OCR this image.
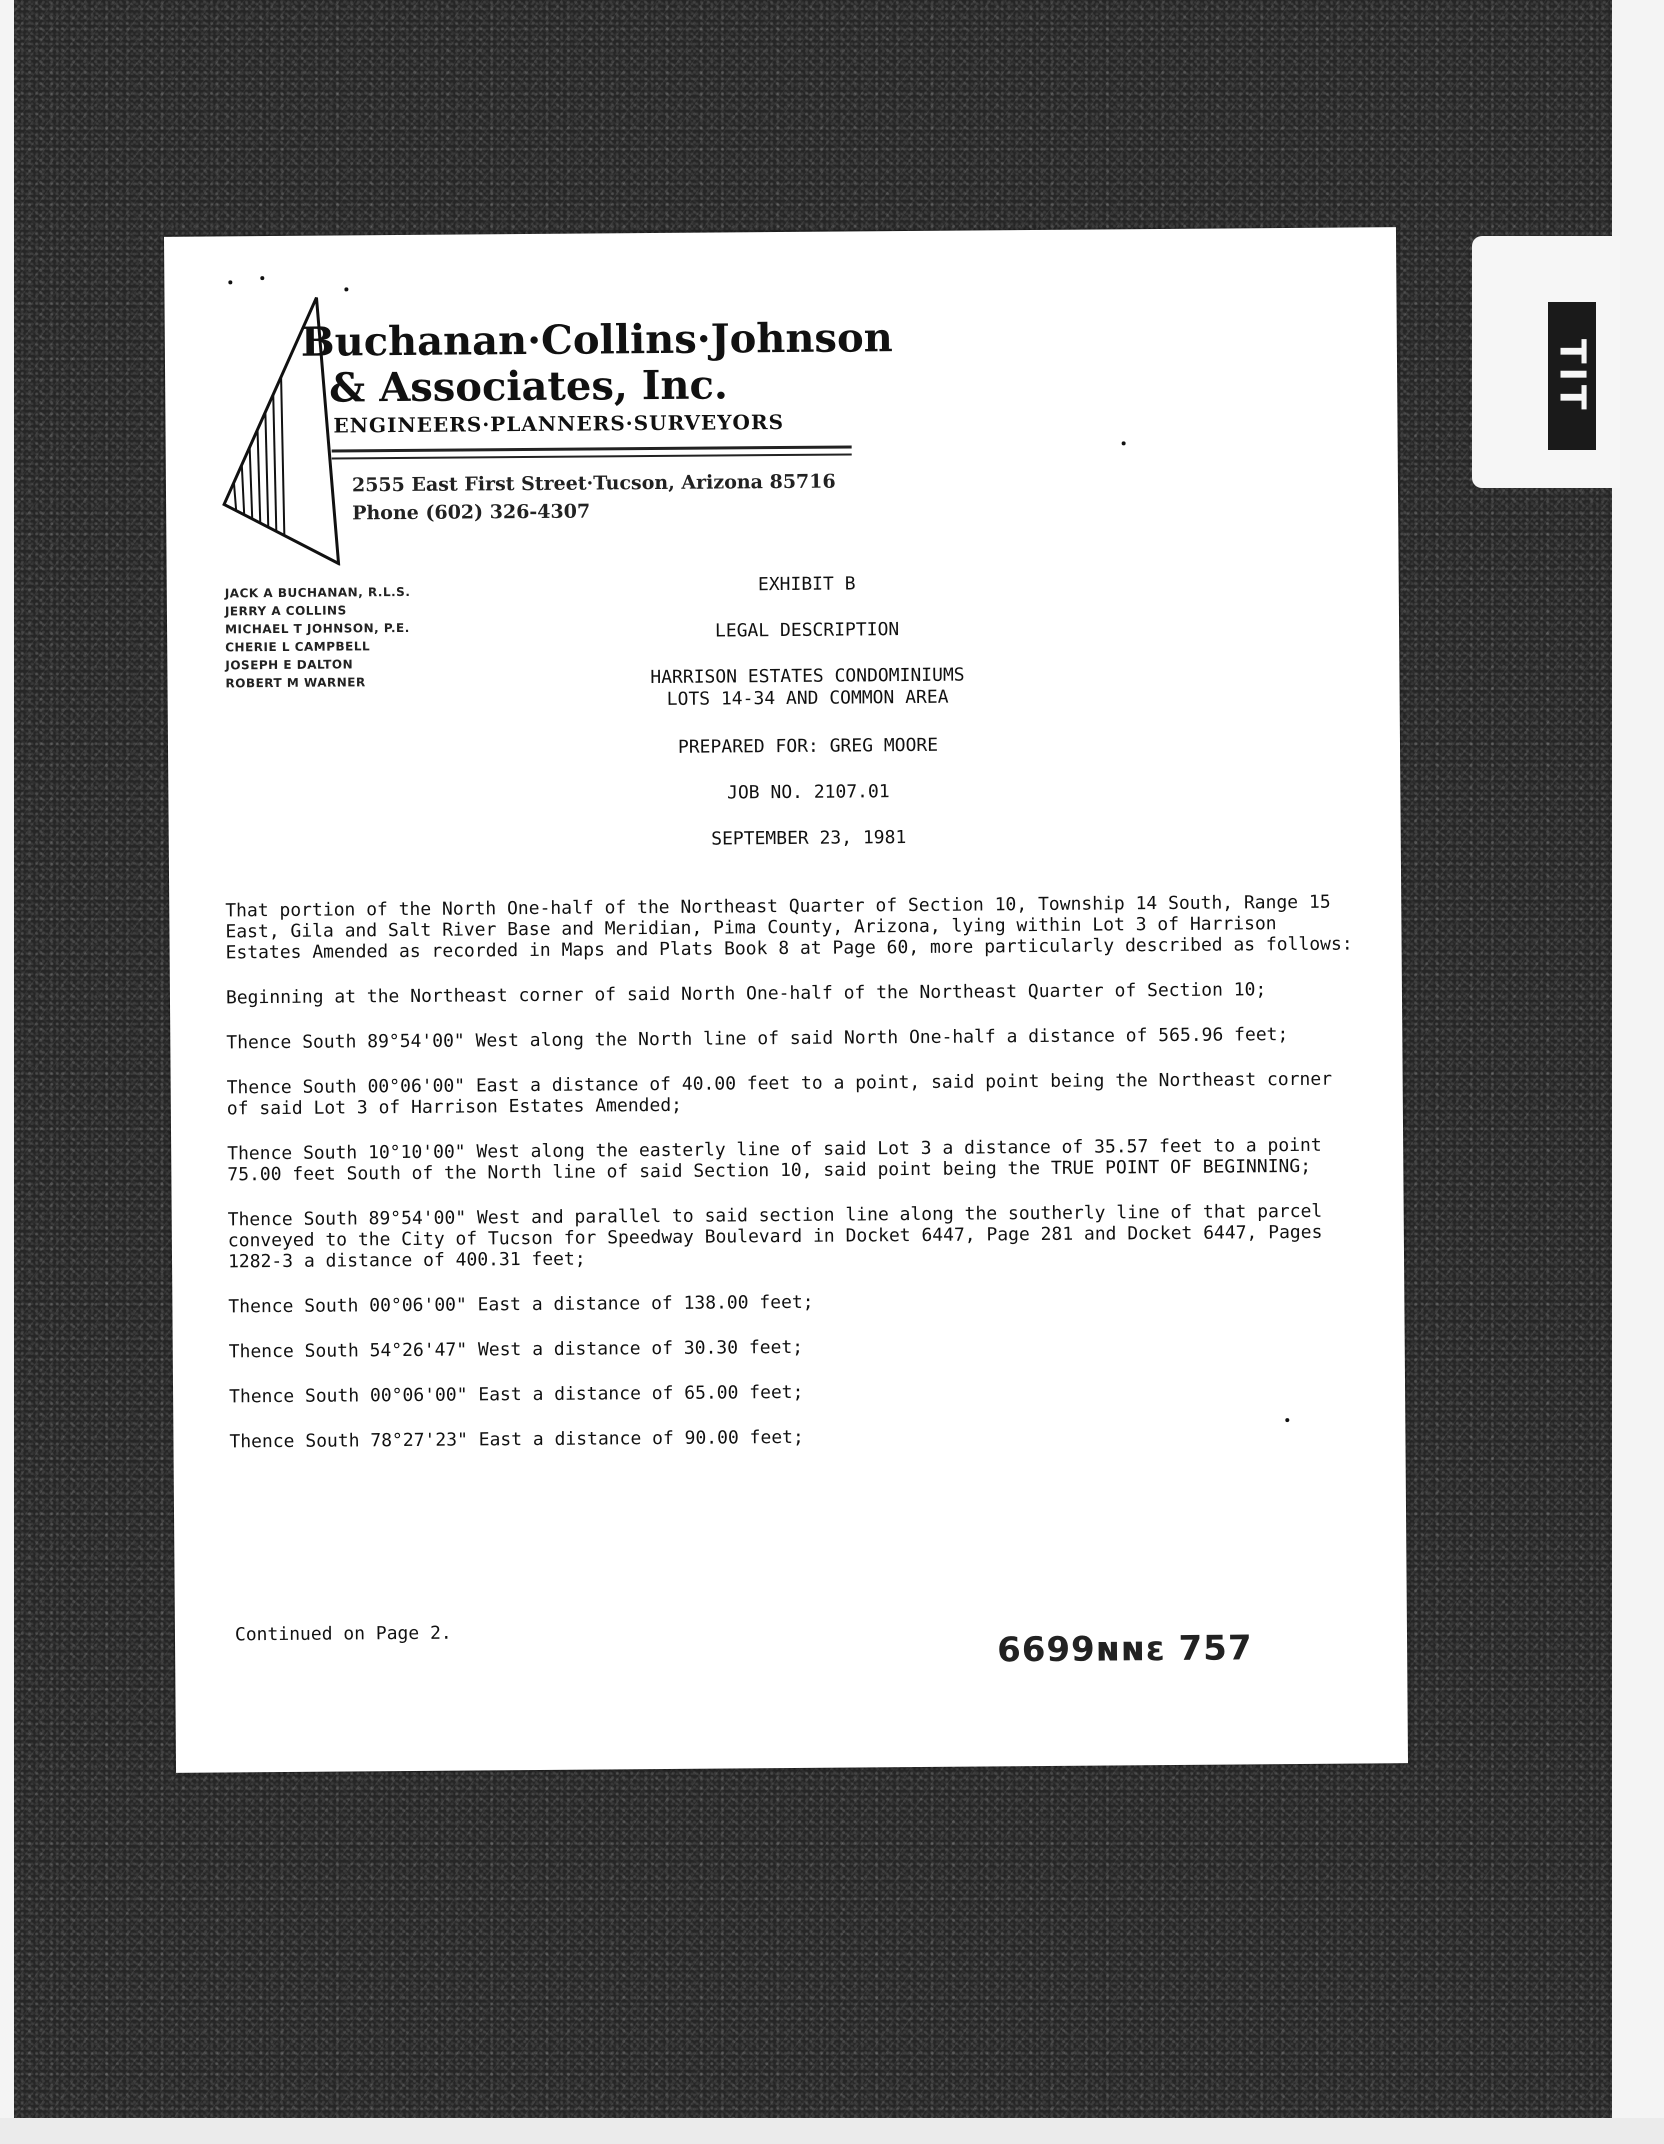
TIT
Buchanan·Collins·Johnson
& Associates, Inc.
ENGINEERS·PLANNERS·SURVEYORS
2555 East First Street·Tucson, Arizona 85716
Phone (602) 326-4307
JACK A BUCHANAN, R.L.S.
JERRY A COLLINS
MICHAEL T JOHNSON, P.E.
CHERIE L CAMPBELL
JOSEPH E DALTON
ROBERT M WARNER
EXHIBIT B
LEGAL DESCRIPTION
HARRISON ESTATES CONDOMINIUMS
LOTS 14-34 AND COMMON AREA
PREPARED FOR: GREG MOORE
JOB NO. 2107.01
SEPTEMBER 23, 1981

That portion of the North One-half of the Northeast Quarter of Section 10, Township 14 South, Range 15 East, Gila and Salt River Base and Meridian, Pima County, Arizona, lying within Lot 3 of Harrison Estates Amended as recorded in Maps and Plats Book 8 at Page 60, more particularly described as follows:

Beginning at the Northeast corner of said North One-half of the Northeast Quarter of Section 10;

Thence South 89°54'00" West along the North line of said North One-half a distance of 565.96 feet;

Thence South 00°06'00" East a distance of 40.00 feet to a point, said point being the Northeast corner of said Lot 3 of Harrison Estates Amended;

Thence South 10°10'00" West along the easterly line of said Lot 3 a distance of 35.57 feet to a point 75.00 feet South of the North line of said Section 10, said point being the TRUE POINT OF BEGINNING;

Thence South 89°54'00" West and parallel to said section line along the southerly line of that parcel conveyed to the City of Tucson for Speedway Boulevard in Docket 6447, Page 281 and Docket 6447, Pages 1282-3 a distance of 400.31 feet;

Thence South 00°06'00" East a distance of 138.00 feet;

Thence South 54°26'47" West a distance of 30.30 feet;

Thence South 00°06'00" East a distance of 65.00 feet;

Thence South 78°27'23" East a distance of 90.00 feet;

Continued on Page 2.	6699ɴɴɛ 757
